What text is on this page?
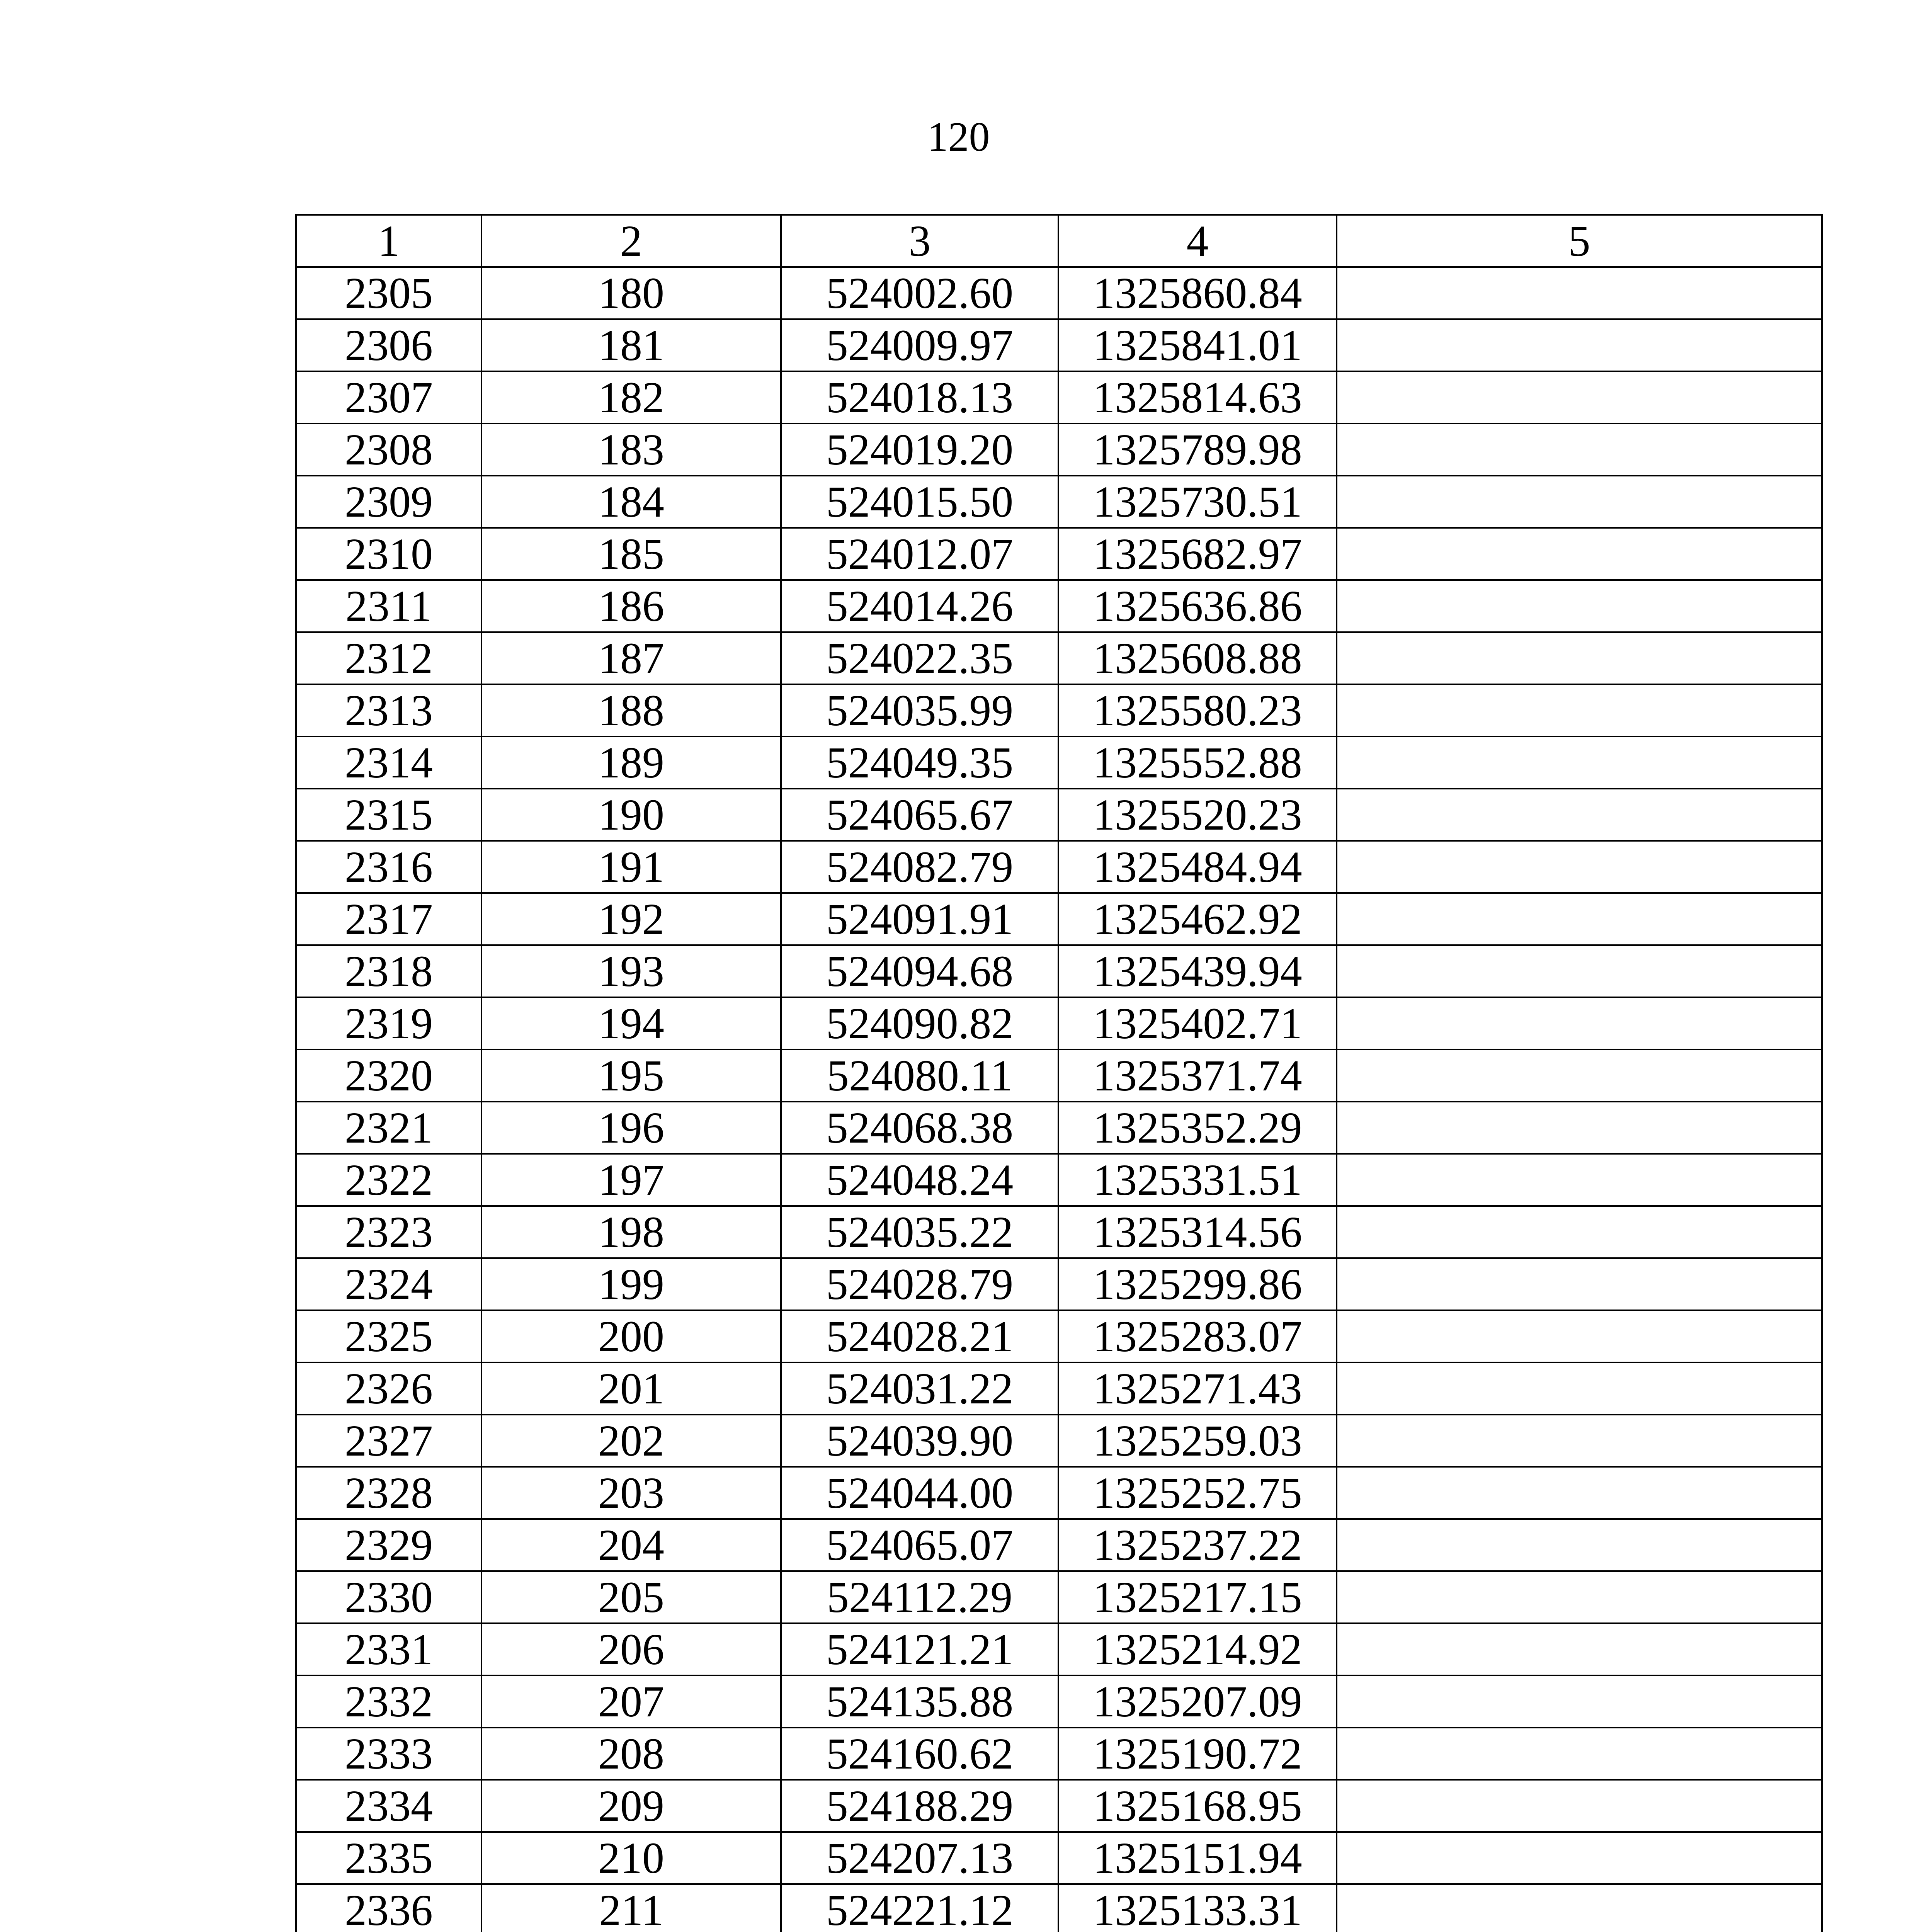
120
1	2	3	4	5
2305	180	524002.60	1325860.84	
2306	181	524009.97	1325841.01	
2307	182	524018.13	1325814.63	
2308	183	524019.20	1325789.98	
2309	184	524015.50	1325730.51	
2310	185	524012.07	1325682.97	
2311	186	524014.26	1325636.86	
2312	187	524022.35	1325608.88	
2313	188	524035.99	1325580.23	
2314	189	524049.35	1325552.88	
2315	190	524065.67	1325520.23	
2316	191	524082.79	1325484.94	
2317	192	524091.91	1325462.92	
2318	193	524094.68	1325439.94	
2319	194	524090.82	1325402.71	
2320	195	524080.11	1325371.74	
2321	196	524068.38	1325352.29	
2322	197	524048.24	1325331.51	
2323	198	524035.22	1325314.56	
2324	199	524028.79	1325299.86	
2325	200	524028.21	1325283.07	
2326	201	524031.22	1325271.43	
2327	202	524039.90	1325259.03	
2328	203	524044.00	1325252.75	
2329	204	524065.07	1325237.22	
2330	205	524112.29	1325217.15	
2331	206	524121.21	1325214.92	
2332	207	524135.88	1325207.09	
2333	208	524160.62	1325190.72	
2334	209	524188.29	1325168.95	
2335	210	524207.13	1325151.94	
2336	211	524221.12	1325133.31	
